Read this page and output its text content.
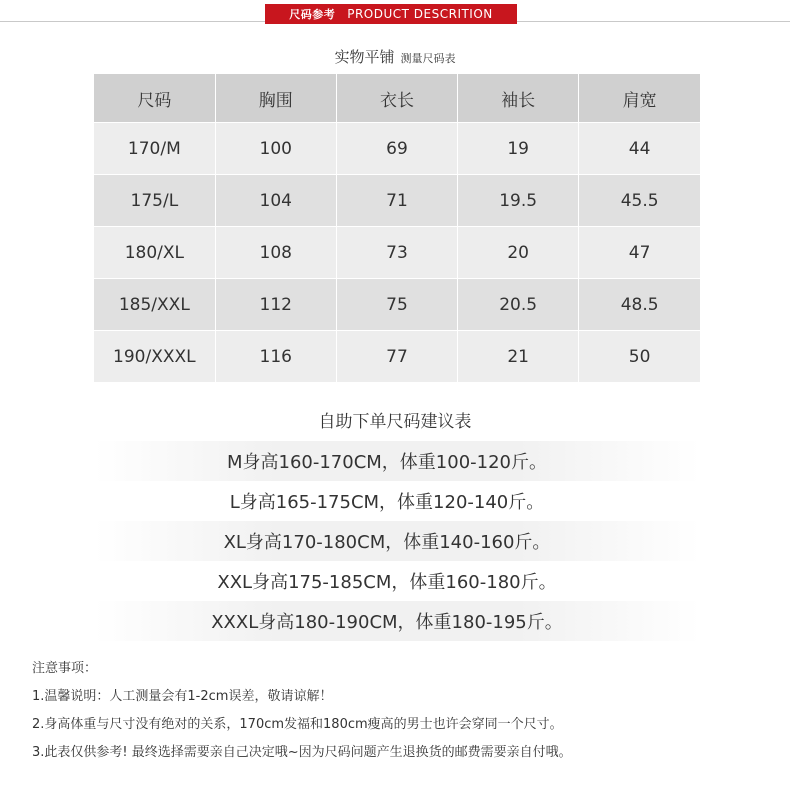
尺码参考 PRODUCT DESCRITION
实物平铺 测量尺码表
尺码	胸围	衣长	袖长	肩宽
170/M	100	69	19	44
175/L	104	71	19.5	45.5
180/XL	108	73	20	47
185/XXL	112	75	20.5	48.5
190/XXXL	116	77	21	50
自助下单尺码建议表
M身高160-170CM，体重100-120斤。
L身高165-175CM，体重120-140斤。
XL身高170-180CM，体重140-160斤。
XXL身高175-185CM，体重160-180斤。
XXXL身高180-190CM，体重180-195斤。
注意事项：
1.温馨说明：人工测量会有1-2cm误差，敬请谅解！
2.身高体重与尺寸没有绝对的关系，170cm发福和180cm瘦高的男士也许会穿同一个尺寸。
3.此表仅供参考! 最终选择需要亲自己决定哦~因为尺码问题产生退换货的邮费需要亲自付哦。
